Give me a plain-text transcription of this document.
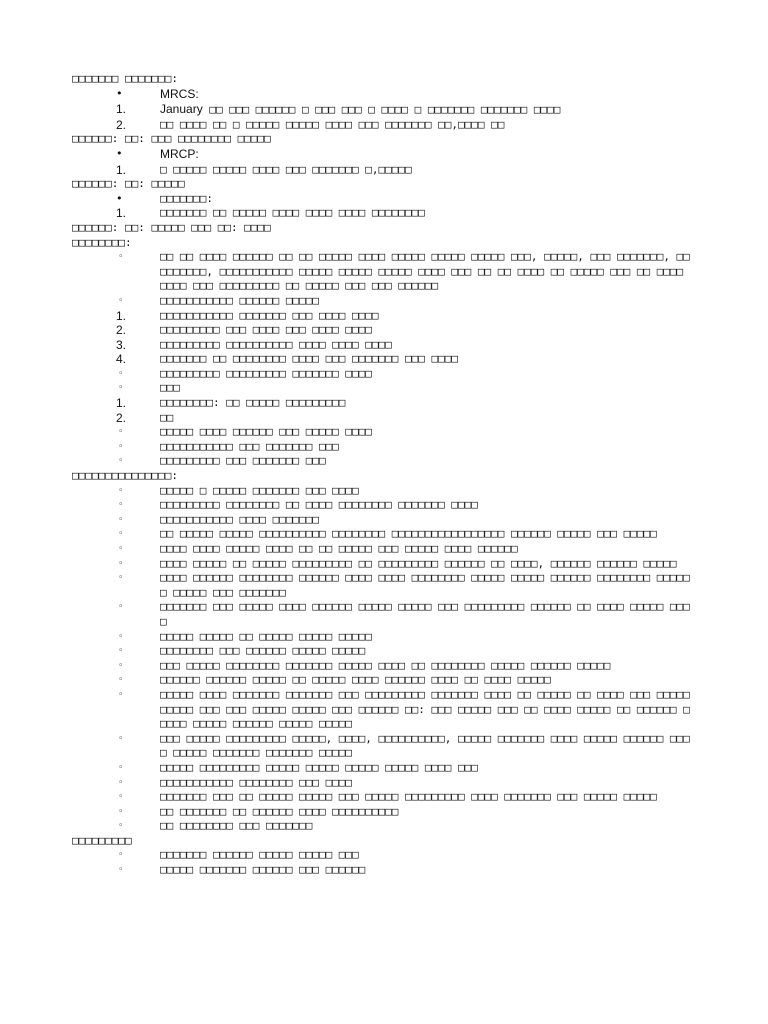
□□□□□□□ □□□□□□□:
•	MRCS:
1.	January □□ □□□ □□□□□□ □ □□□ □□□ □ □□□□ □ □□□□□□□ □□□□□□□ □□□□
2.	□□ □□□□ □□ □ □□□□□ □□□□□ □□□□ □□□ □□□□□□□ □□,□□□□ □□
□□□□□□: □□: □□□ □□□□□□□□ □□□□□
•	MRCP:
1.	□ □□□□□ □□□□□ □□□□ □□□ □□□□□□□ □,□□□□□
□□□□□□: □□: □□□□□
•	□□□□□□□:
1.	□□□□□□□ □□ □□□□□ □□□□ □□□□ □□□□ □□□□□□□□
□□□□□□: □□: □□□□□ □□□ □□: □□□□
□□□□□□□□:
◦	□□ □□ □□□□ □□□□□□ □□ □□ □□□□□ □□□□ □□□□□ □□□□□ □□□□□ □□□, □□□□□, □□□ □□□□□□□, □□□□□□□□□, □□□□□□□□□□□ □□□□□ □□□□□ □□□□□ □□□□ □□□ □□ □□ □□□□ □□ □□□□□ □□□ □□ □□□□ □□□□ □□□ □□□□□□□□□ □□ □□□□□ □□□ □□□ □□□□□□
◦	□□□□□□□□□□□ □□□□□□ □□□□□
1.	□□□□□□□□□□□ □□□□□□□ □□□ □□□□ □□□□
2.	□□□□□□□□□ □□□ □□□□ □□□ □□□□ □□□□
3.	□□□□□□□□□ □□□□□□□□□□ □□□□ □□□□ □□□□
4.	□□□□□□□ □□ □□□□□□□□ □□□□ □□□ □□□□□□□ □□□ □□□□
◦	□□□□□□□□□ □□□□□□□□□ □□□□□□□ □□□□
◦	□□□
1.	□□□□□□□□: □□ □□□□□ □□□□□□□□□
2.	□□
◦	□□□□□ □□□□ □□□□□□ □□□ □□□□□ □□□□
◦	□□□□□□□□□□□ □□□ □□□□□□□ □□□
◦	□□□□□□□□□ □□□ □□□□□□□ □□□
□□□□□□□□□□□□□□□:
◦	□□□□□ □ □□□□□ □□□□□□□ □□□ □□□□
◦	□□□□□□□□□ □□□□□□□□ □□ □□□□ □□□□□□□□ □□□□□□□ □□□□
◦	□□□□□□□□□□□ □□□□ □□□□□□□
◦	□□ □□□□□ □□□□□ □□□□□□□□□□ □□□□□□□□ □□□□□□□□□□□□□□□□□ □□□□□□ □□□□□ □□□ □□□□□
◦	□□□□ □□□□ □□□□□ □□□□ □□ □□ □□□□□ □□□ □□□□□ □□□□ □□□□□□
◦	□□□□ □□□□□ □□ □□□□□ □□□□□□□□□ □□ □□□□□□□□□ □□□□□□ □□ □□□□, □□□□□□ □□□□□□ □□□□□
◦	□□□□ □□□□□□ □□□□□□□□ □□□□□□ □□□□ □□□□ □□□□□□□□ □□□□□ □□□□□ □□□□□□ □□□□□□□□ □□□□□ □ □□□□□ □□□ □□□□□□□
◦	□□□□□□□ □□□ □□□□□ □□□□ □□□□□□ □□□□□ □□□□□ □□□ □□□□□□□□□ □□□□□□ □□ □□□□ □□□□□ □□□□
◦	□□□□□ □□□□□ □□ □□□□□ □□□□□ □□□□□
◦	□□□□□□□□ □□□ □□□□□□ □□□□□ □□□□□
◦	□□□ □□□□□ □□□□□□□□ □□□□□□□ □□□□□ □□□□ □□ □□□□□□□□ □□□□□ □□□□□□ □□□□□
◦	□□□□□□ □□□□□□ □□□□□ □□ □□□□□ □□□□ □□□□□□ □□□□ □□ □□□□ □□□□□
◦	□□□□□ □□□□ □□□□□□□ □□□□□□□ □□□ □□□□□□□□□ □□□□□□□ □□□□ □□ □□□□□ □□ □□□□ □□□ □□□□□ □□□□□ □□□ □□□ □□□□□ □□□□□ □□□ □□□□□□ □□: □□□ □□□□□ □□□ □□ □□□□ □□□□□ □□ □□□□□□ □□□□□ □□□□□ □□□□□□ □□□□□ □□□□□
◦	□□□ □□□□□ □□□□□□□□□ □□□□□, □□□□, □□□□□□□□□□, □□□□□ □□□□□□□ □□□□ □□□□□ □□□□□□ □□□□ □□□□□ □□□□□□□ □□□□□□□ □□□□□
◦	□□□□□ □□□□□□□□□ □□□□□ □□□□□ □□□□□ □□□□□ □□□□ □□□
◦	□□□□□□□□□□□ □□□□□□□□ □□□ □□□□
◦	□□□□□□□ □□□ □□ □□□□□ □□□□□ □□□ □□□□□ □□□□□□□□□ □□□□ □□□□□□□ □□□ □□□□□ □□□□□
◦	□□ □□□□□□□ □□ □□□□□□ □□□□ □□□□□□□□□□
◦	□□ □□□□□□□□ □□□ □□□□□□□
□□□□□□□□□
◦	□□□□□□□ □□□□□□ □□□□□ □□□□□ □□□
◦	□□□□□ □□□□□□□ □□□□□□ □□□ □□□□□□
